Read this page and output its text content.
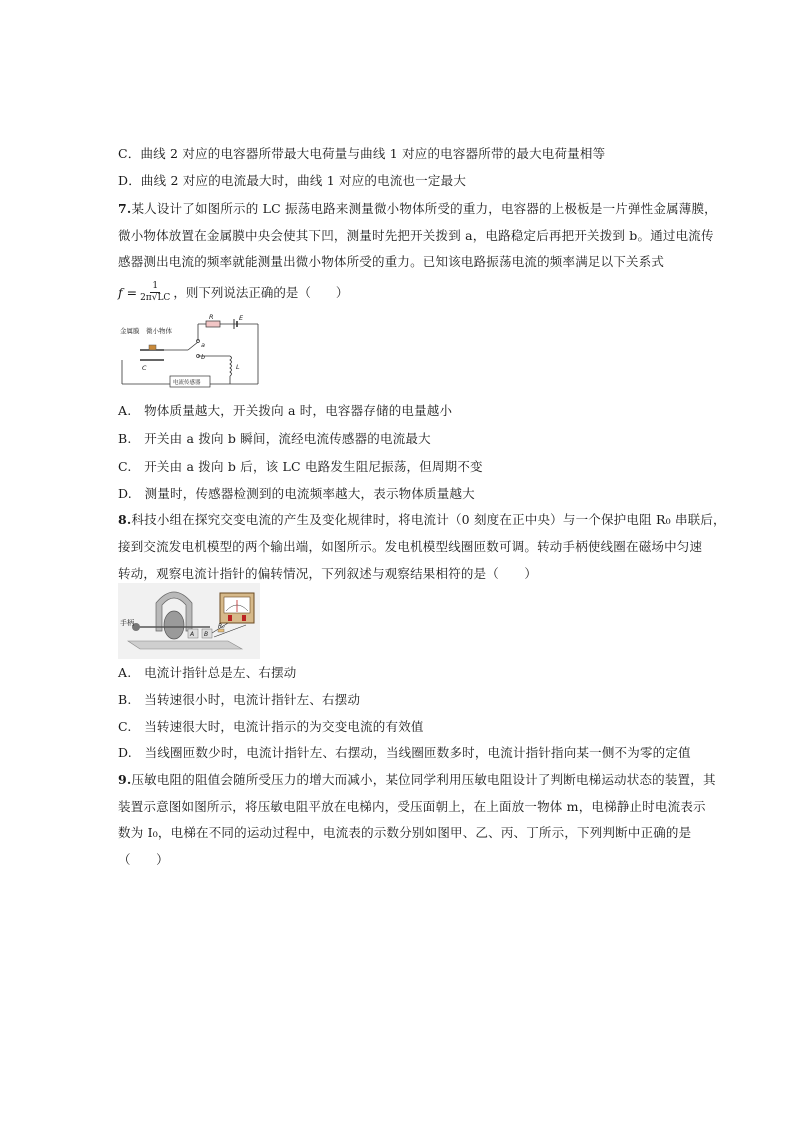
C．曲线 2 对应的电容器所带最大电荷量与曲线 1 对应的电容器所带的最大电荷量相等
D．曲线 2 对应的电流最大时，曲线 1 对应的电流也一定最大
7.某人设计了如图所示的 LC 振荡电路来测量微小物体所受的重力，电容器的上极板是一片弹性金属薄膜，
微小物体放置在金属膜中央会使其下凹，测量时先把开关拨到 a，电路稳定后再把开关拨到 b。通过电流传
感器测出电流的频率就能测量出微小物体所受的重力。已知该电路振荡电流的频率满足以下关系式
$f = \frac{1}{2\pi√LC}$ ，则下列说法正确的是（　　）
金属膜 微小物体
R	E
a
b
C	L
电流传感器
A.　物体质量越大，开关拨向 a 时，电容器存储的电量越小
B.　开关由 a 拨向 b 瞬间，流经电流传感器的电流最大
C.　开关由 a 拨向 b 后，该 LC 电路发生阻尼振荡，但周期不变
D.　测量时，传感器检测到的电流频率越大，表示物体质量越大
8.科技小组在探究交变电流的产生及变化规律时，将电流计（0 刻度在正中央）与一个保护电阻 R₀ 串联后，
接到交流发电机模型的两个输出端，如图所示。发电机模型线圈匝数可调。转动手柄使线圈在磁场中匀速
转动，观察电流计指针的偏转情况，下列叙述与观察结果相符的是（　　）
手柄	R₀
A B
A.　电流计指针总是左、右摆动
B.　当转速很小时，电流计指针左、右摆动
C.　当转速很大时，电流计指示的为交变电流的有效值
D.　当线圈匝数少时，电流计指针左、右摆动，当线圈匝数多时，电流计指针指向某一侧不为零的定值
9.压敏电阻的阻值会随所受压力的增大而减小，某位同学利用压敏电阻设计了判断电梯运动状态的装置，其
装置示意图如图所示，将压敏电阻平放在电梯内，受压面朝上，在上面放一物体 m，电梯静止时电流表示
数为 I₀，电梯在不同的运动过程中，电流表的示数分别如图甲、乙、丙、丁所示，下列判断中正确的是
（　　）
